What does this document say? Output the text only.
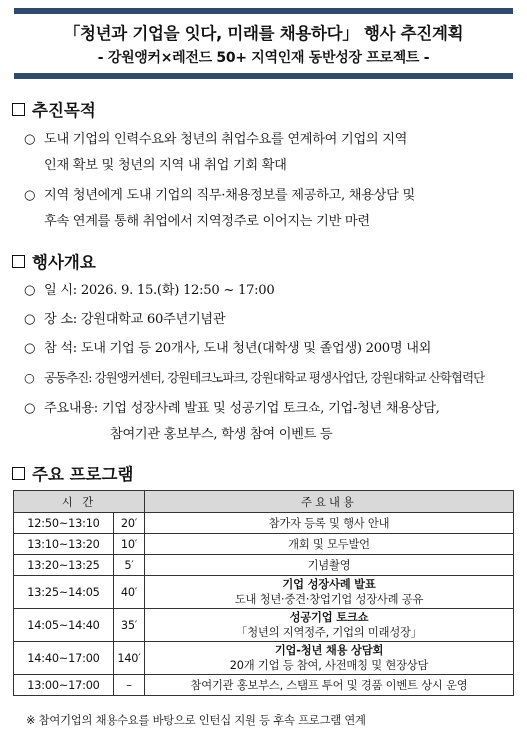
「청년과 기업을 잇다, 미래를 채용하다」 행사 추진계획
- 강원앵커×레전드 50+ 지역인재 동반성장 프로젝트 -
추진목적
○ 도내 기업의 인력수요와 청년의 취업수요를 연계하여 기업의 지역
인재 확보 및 청년의 지역 내 취업 기회 확대
○ 지역 청년에게 도내 기업의 직무·채용정보를 제공하고, 채용상담 및
후속 연계를 통해 취업에서 지역정주로 이어지는 기반 마련
행사개요
○ 일 시: 2026. 9. 15.(화) 12:50 ~ 17:00
○ 장 소: 강원대학교 60주년기념관
○ 참 석: 도내 기업 등 20개사, 도내 청년(대학생 및 졸업생) 200명 내외
○ 공동추진: 강원앵커센터, 강원테크노파크, 강원대학교 평생사업단, 강원대학교 산학협력단
○ 주요내용: 기업 성장사례 발표 및 성공기업 토크쇼, 기업-청년 채용상담,
참여기관 홍보부스, 학생 참여 이벤트 등
주요 프로그램
시 간		주요내용
12:50~13:10	20′	참가자 등록 및 행사 안내
13:10~13:20	10′	개회 및 모두발언
13:20~13:25	5′	기념촬영
13:25~14:05	40′	기업 성장사례 발표
도내 청년·중견·창업기업 성장사례 공유

14:05~14:40	35′	성공기업 토크쇼
「청년의 지역정주, 기업의 미래성장」

14:40~17:00	140′	기업-청년 채용 상담회
20개 기업 등 참여, 사전매칭 및 현장상담

13:00~17:00	–	참여기관 홍보부스, 스탬프 투어 및 경품 이벤트 상시 운영
※ 참여기업의 채용수요를 바탕으로 인턴십 지원 등 후속 프로그램 연계
